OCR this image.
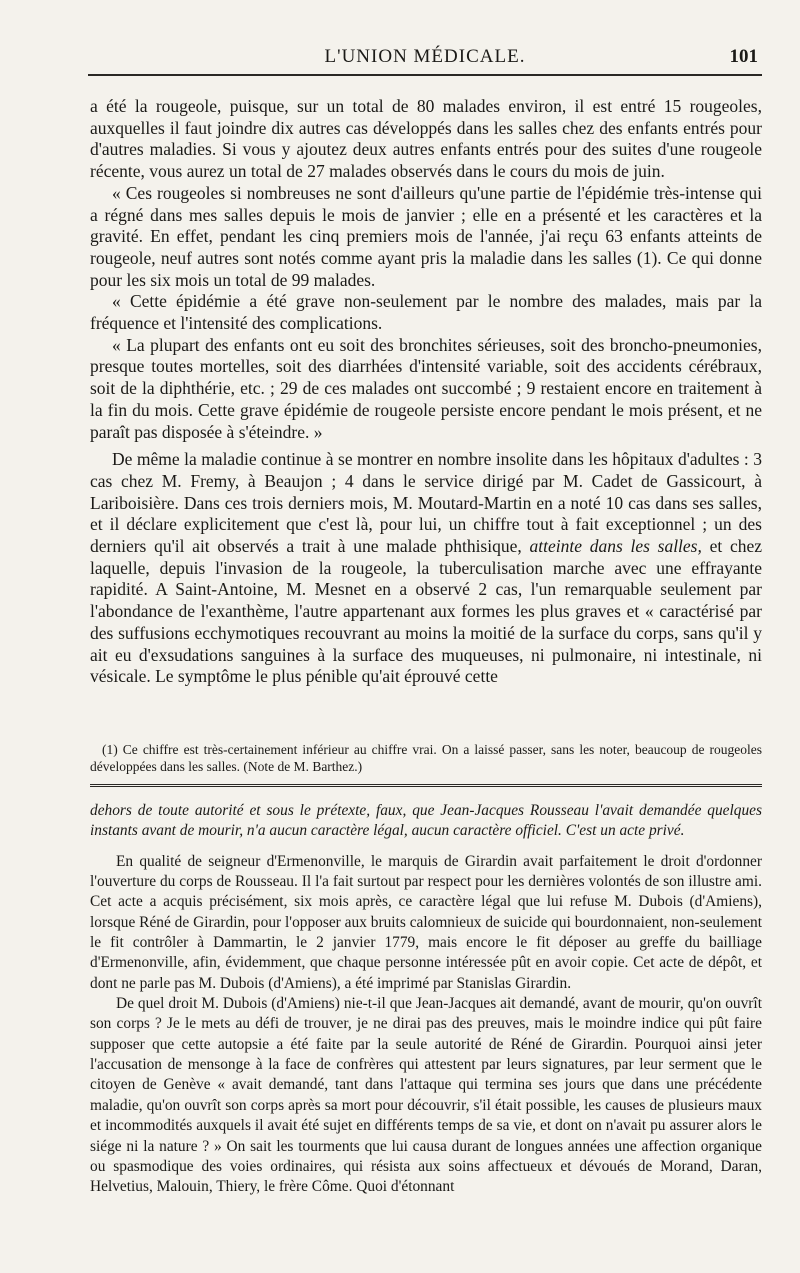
L'UNION MÉDICALE.	101

a été la rougeole, puisque, sur un total de 80 malades environ, il est entré 15 rougeoles, auxquelles il faut joindre dix autres cas développés dans les salles chez des enfants entrés pour d'autres maladies. Si vous y ajoutez deux autres enfants entrés pour des suites d'une rougeole récente, vous aurez un total de 27 malades observés dans le cours du mois de juin.

« Ces rougeoles si nombreuses ne sont d'ailleurs qu'une partie de l'épidémie très-intense qui a régné dans mes salles depuis le mois de janvier ; elle en a présenté et les caractères et la gravité. En effet, pendant les cinq premiers mois de l'année, j'ai reçu 63 enfants atteints de rougeole, neuf autres sont notés comme ayant pris la maladie dans les salles (1). Ce qui donne pour les six mois un total de 99 malades.

« Cette épidémie a été grave non-seulement par le nombre des malades, mais par la fréquence et l'intensité des complications.

« La plupart des enfants ont eu soit des bronchites sérieuses, soit des broncho-pneumonies, presque toutes mortelles, soit des diarrhées d'intensité variable, soit des accidents cérébraux, soit de la diphthérie, etc. ; 29 de ces malades ont succombé ; 9 restaient encore en traitement à la fin du mois. Cette grave épidémie de rougeole persiste encore pendant le mois présent, et ne paraît pas disposée à s'éteindre. »

De même la maladie continue à se montrer en nombre insolite dans les hôpitaux d'adultes : 3 cas chez M. Fremy, à Beaujon ; 4 dans le service dirigé par M. Cadet de Gassicourt, à Lariboisière. Dans ces trois derniers mois, M. Moutard-Martin en a noté 10 cas dans ses salles, et il déclare explicitement que c'est là, pour lui, un chiffre tout à fait exceptionnel ; un des derniers qu'il ait observés a trait à une malade phthisique, atteinte dans les salles, et chez laquelle, depuis l'invasion de la rougeole, la tuberculisation marche avec une effrayante rapidité. A Saint-Antoine, M. Mesnet en a observé 2 cas, l'un remarquable seulement par l'abondance de l'exanthème, l'autre appartenant aux formes les plus graves et « caractérisé par des suffusions ecchymotiques recouvrant au moins la moitié de la surface du corps, sans qu'il y ait eu d'exsudations sanguines à la surface des muqueuses, ni pulmonaire, ni intestinale, ni vésicale. Le symptôme le plus pénible qu'ait éprouvé cette

(1) Ce chiffre est très-certainement inférieur au chiffre vrai. On a laissé passer, sans les noter, beaucoup de rougeoles développées dans les salles. (Note de M. Barthez.)

dehors de toute autorité et sous le prétexte, faux, que Jean-Jacques Rousseau l'avait demandée quelques instants avant de mourir, n'a aucun caractère légal, aucun caractère officiel. C'est un acte privé.

En qualité de seigneur d'Ermenonville, le marquis de Girardin avait parfaitement le droit d'ordonner l'ouverture du corps de Rousseau. Il l'a fait surtout par respect pour les dernières volontés de son illustre ami. Cet acte a acquis précisément, six mois après, ce caractère légal que lui refuse M. Dubois (d'Amiens), lorsque Réné de Girardin, pour l'opposer aux bruits calomnieux de suicide qui bourdonnaient, non-seulement le fit contrôler à Dammartin, le 2 janvier 1779, mais encore le fit déposer au greffe du bailliage d'Ermenonville, afin, évidemment, que chaque personne intéressée pût en avoir copie. Cet acte de dépôt, et dont ne parle pas M. Dubois (d'Amiens), a été imprimé par Stanislas Girardin.

De quel droit M. Dubois (d'Amiens) nie-t-il que Jean-Jacques ait demandé, avant de mourir, qu'on ouvrît son corps ? Je le mets au défi de trouver, je ne dirai pas des preuves, mais le moindre indice qui pût faire supposer que cette autopsie a été faite par la seule autorité de Réné de Girardin. Pourquoi ainsi jeter l'accusation de mensonge à la face de confrères qui attestent par leurs signatures, par leur serment que le citoyen de Genève « avait demandé, tant dans l'attaque qui termina ses jours que dans une précédente maladie, qu'on ouvrît son corps après sa mort pour découvrir, s'il était possible, les causes de plusieurs maux et incommodités auxquels il avait été sujet en différents temps de sa vie, et dont on n'avait pu assurer alors le siége ni la nature ? » On sait les tourments que lui causa durant de longues années une affection organique ou spasmodique des voies ordinaires, qui résista aux soins affectueux et dévoués de Morand, Daran, Helvetius, Malouin, Thiery, le frère Côme. Quoi d'étonnant
